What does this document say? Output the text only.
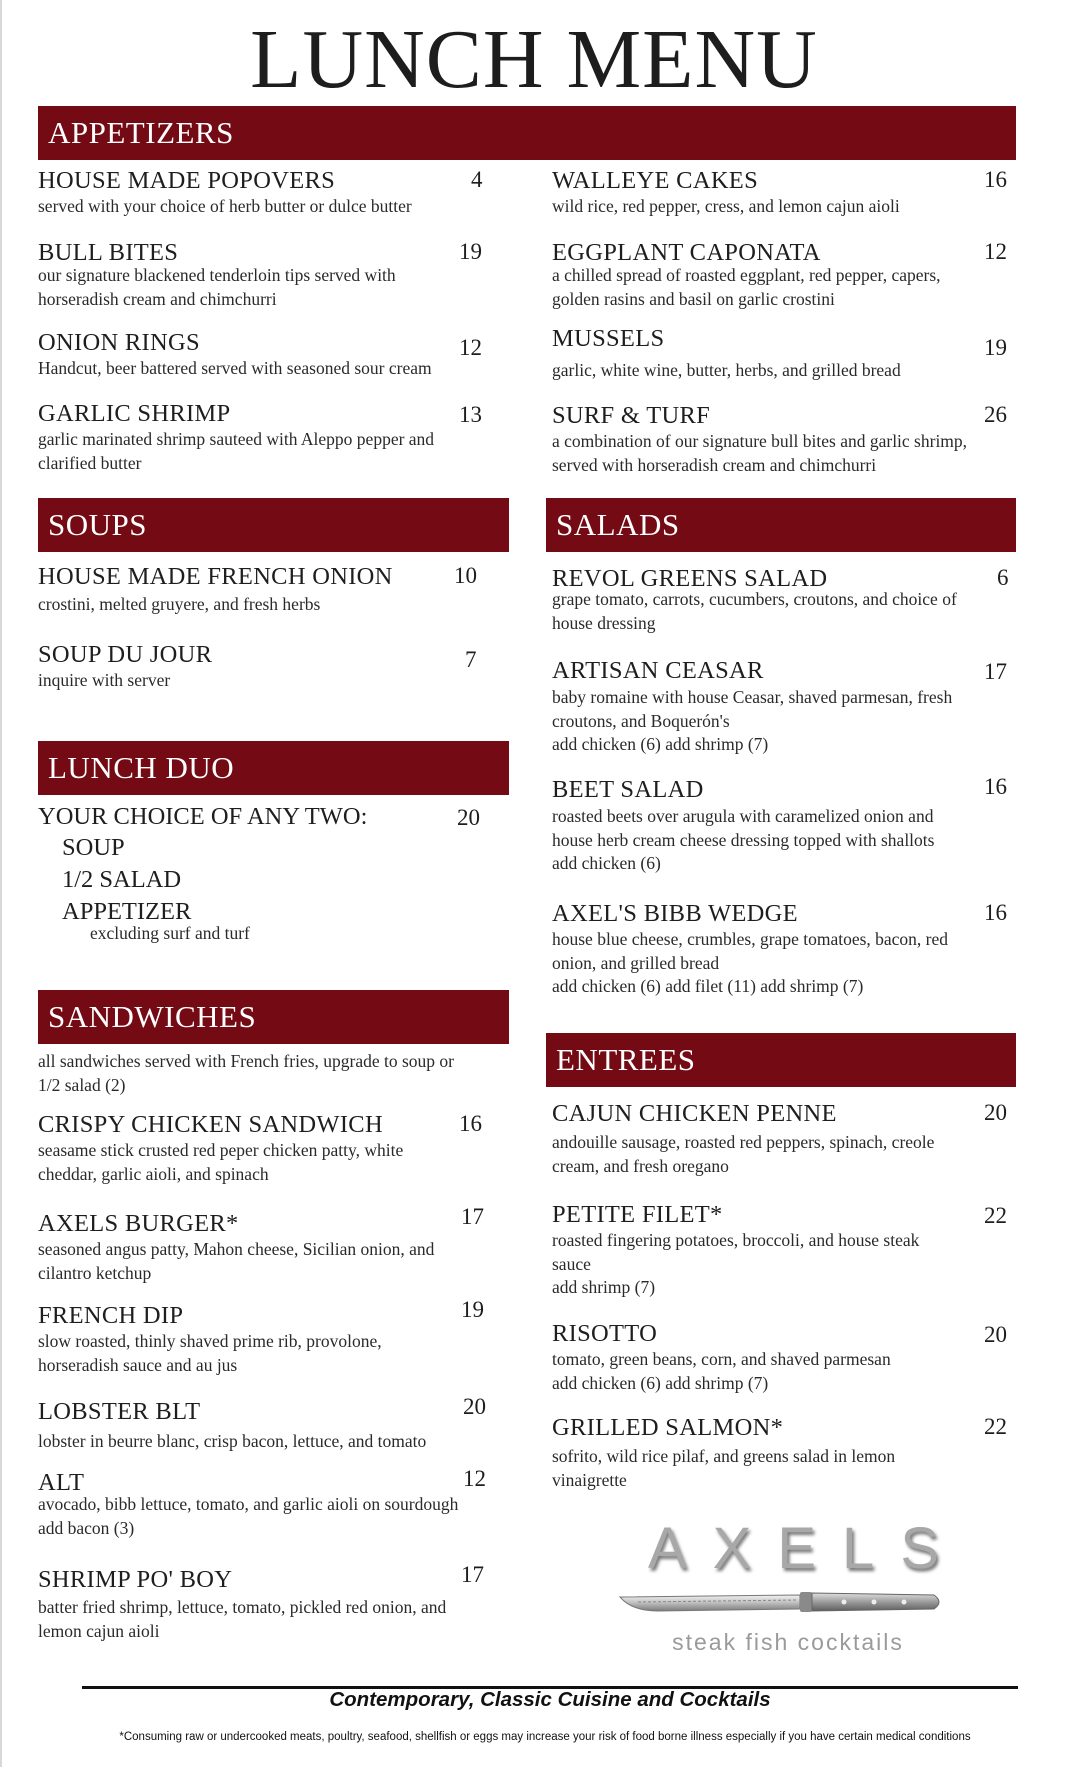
LUNCH MENU
APPETIZERS
HOUSE MADE POPOVERS	4
served with your choice of herb butter or dulce butter
BULL BITES	19
our signature blackened tenderloin tips served with horseradish cream and chimchurri
ONION RINGS	12
Handcut, beer battered served with seasoned sour cream
GARLIC SHRIMP	13
garlic marinated shrimp sauteed with Aleppo pepper and clarified butter
WALLEYE CAKES	16
wild rice, red pepper, cress, and lemon cajun aioli
EGGPLANT CAPONATA	12
a chilled spread of roasted eggplant, red pepper, capers, golden rasins and basil on garlic crostini
MUSSELS	19
garlic, white wine, butter, herbs, and grilled bread
SURF & TURF	26
a combination of our signature bull bites and garlic shrimp, served with horseradish cream and chimchurri
SOUPS
HOUSE MADE FRENCH ONION	10
crostini, melted gruyere, and fresh herbs
SOUP DU JOUR	7
inquire with server
LUNCH DUO
YOUR CHOICE OF ANY TWO:	20
SOUP
1/2 SALAD
APPETIZER
excluding surf and turf
SANDWICHES
all sandwiches served with French fries, upgrade to soup or 1/2 salad (2)
CRISPY CHICKEN SANDWICH	16
seasame stick crusted red peper chicken patty, white cheddar, garlic aioli, and spinach
AXELS BURGER*	17
seasoned angus patty, Mahon cheese, Sicilian onion, and cilantro ketchup
FRENCH DIP	19
slow roasted, thinly shaved prime rib, provolone, horseradish sauce and au jus
LOBSTER BLT	20
lobster in beurre blanc, crisp bacon, lettuce, and tomato
ALT	12
avocado, bibb lettuce, tomato, and garlic aioli on sourdough
add bacon (3)
SHRIMP PO' BOY	17
batter fried shrimp, lettuce, tomato, pickled red onion, and lemon cajun aioli
SALADS
REVOL GREENS SALAD	6
grape tomato, carrots, cucumbers, croutons, and choice of house dressing
ARTISAN CEASAR	17
baby romaine with house Ceasar, shaved parmesan, fresh croutons, and Boquerón's
add chicken (6) add shrimp (7)
BEET SALAD	16
roasted beets over arugula with caramelized onion and house herb cream cheese dressing topped with shallots
add chicken (6)
AXEL'S BIBB WEDGE	16
house blue cheese, crumbles, grape tomatoes, bacon, red onion, and grilled bread
add chicken (6) add filet (11) add shrimp (7)
ENTREES
CAJUN CHICKEN PENNE	20
andouille sausage, roasted red peppers, spinach, creole cream, and fresh oregano
PETITE FILET*	22
roasted fingering potatoes, broccoli, and house steak sauce
add shrimp (7)
RISOTTO	20
tomato, green beans, corn, and shaved parmesan
add chicken (6) add shrimp (7)
GRILLED SALMON*	22
sofrito, wild rice pilaf, and greens salad in lemon vinaigrette
AXELS
steak fish cocktails
Contemporary, Classic Cuisine and Cocktails
*Consuming raw or undercooked meats, poultry, seafood, shellfish or eggs may increase your risk of food borne illness especially if you have certain medical conditions
